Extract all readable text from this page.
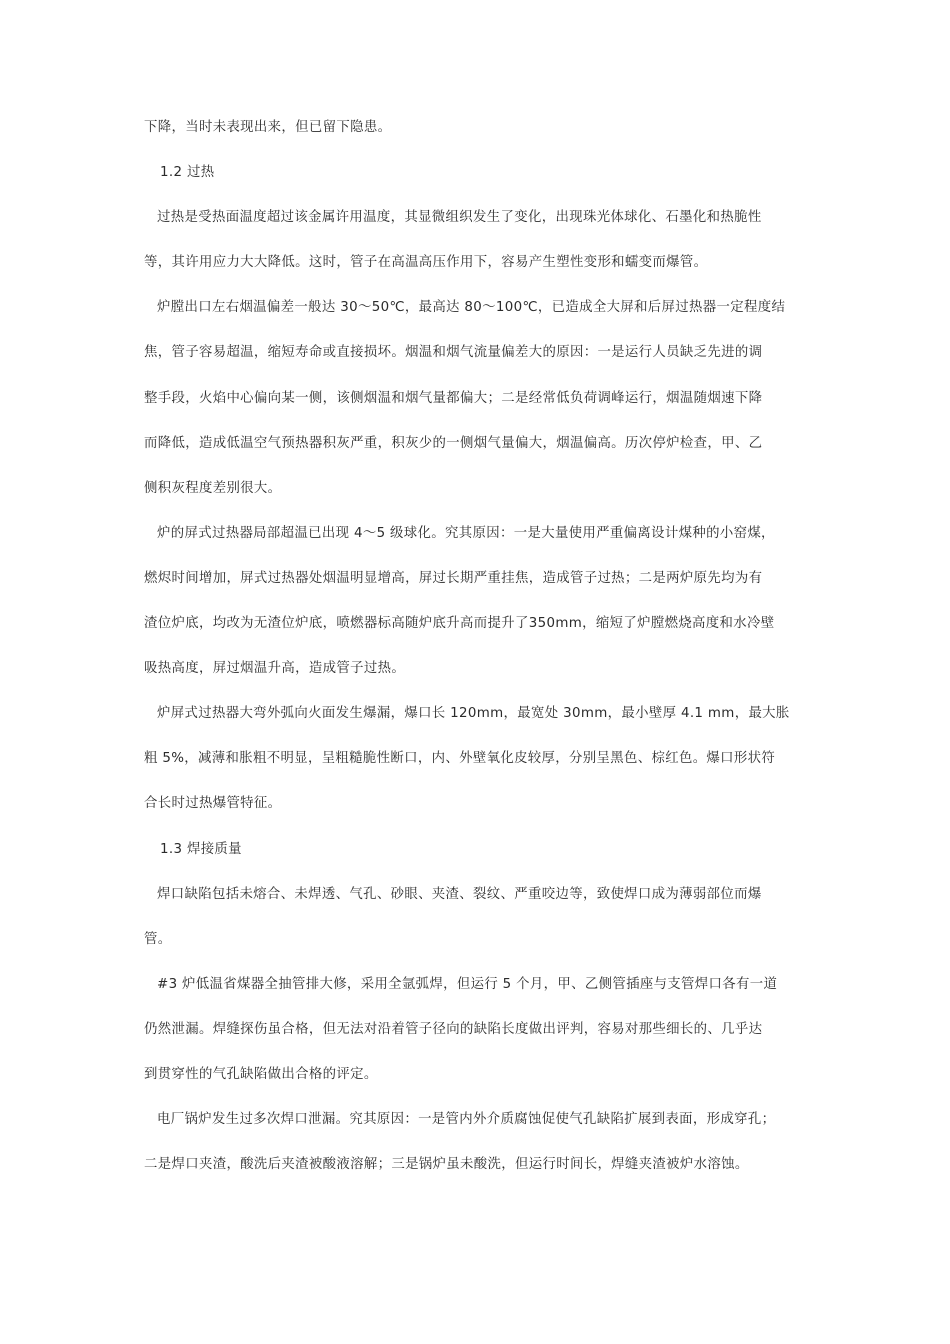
下降，当时未表现出来，但已留下隐患。
1.2 过热
过热是受热面温度超过该金属许用温度，其显微组织发生了变化，出现珠光体球化、石墨化和热脆性
等，其许用应力大大降低。这时，管子在高温高压作用下，容易产生塑性变形和蠕变而爆管。
炉膛出口左右烟温偏差一般达 30～50℃，最高达 80～100℃，已造成全大屏和后屏过热器一定程度结
焦，管子容易超温，缩短寿命或直接损坏。烟温和烟气流量偏差大的原因：一是运行人员缺乏先进的调
整手段，火焰中心偏向某一侧，该侧烟温和烟气量都偏大；二是经常低负荷调峰运行，烟温随烟速下降
而降低，造成低温空气预热器积灰严重，积灰少的一侧烟气量偏大，烟温偏高。历次停炉检查，甲、乙
侧积灰程度差别很大。
炉的屏式过热器局部超温已出现 4～5 级球化。究其原因：一是大量使用严重偏离设计煤种的小窑煤，
燃烬时间增加，屏式过热器处烟温明显增高，屏过长期严重挂焦，造成管子过热；二是两炉原先均为有
渣位炉底，均改为无渣位炉底，喷燃器标高随炉底升高而提升了350mm，缩短了炉膛燃烧高度和水冷壁
吸热高度，屏过烟温升高，造成管子过热。
炉屏式过热器大弯外弧向火面发生爆漏，爆口长 120mm，最宽处 30mm，最小壁厚 4.1 mm，最大胀
粗 5%，减薄和胀粗不明显，呈粗糙脆性断口，内、外壁氧化皮较厚，分别呈黑色、棕红色。爆口形状符
合长时过热爆管特征。
1.3 焊接质量
焊口缺陷包括未熔合、未焊透、气孔、砂眼、夹渣、裂纹、严重咬边等，致使焊口成为薄弱部位而爆
管。
#3 炉低温省煤器全抽管排大修，采用全氩弧焊，但运行 5 个月，甲、乙侧管插座与支管焊口各有一道
仍然泄漏。焊缝探伤虽合格，但无法对沿着管子径向的缺陷长度做出评判，容易对那些细长的、几乎达
到贯穿性的气孔缺陷做出合格的评定。
电厂锅炉发生过多次焊口泄漏。究其原因：一是管内外介质腐蚀促使气孔缺陷扩展到表面，形成穿孔；
二是焊口夹渣，酸洗后夹渣被酸液溶解；三是锅炉虽未酸洗，但运行时间长，焊缝夹渣被炉水溶蚀。
